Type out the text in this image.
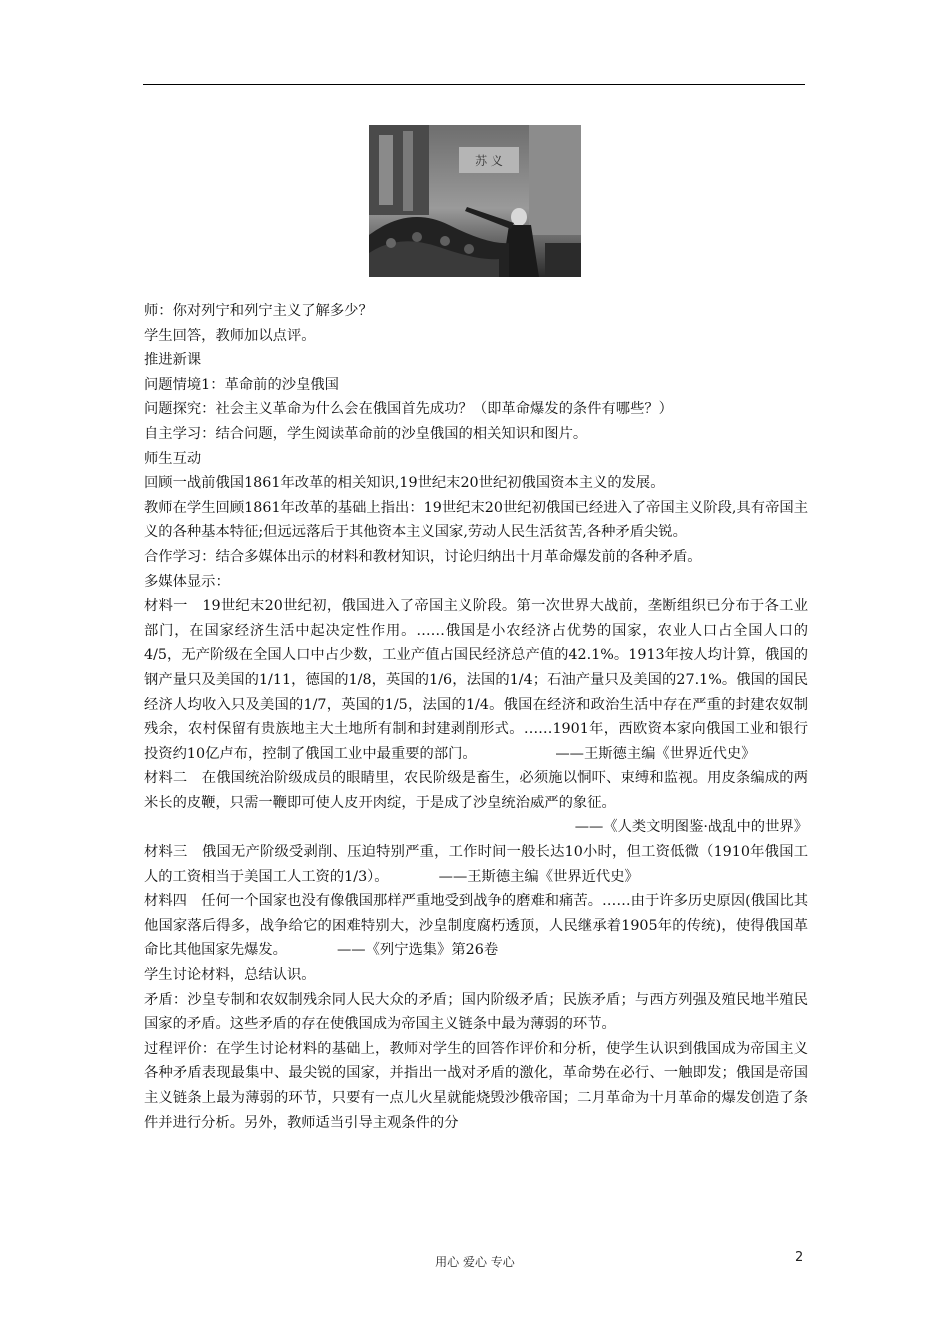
苏 义

师：你对列宁和列宁主义了解多少？

学生回答，教师加以点评。

推进新课

问题情境1：革命前的沙皇俄国

问题探究：社会主义革命为什么会在俄国首先成功？（即革命爆发的条件有哪些？）

自主学习：结合问题，学生阅读革命前的沙皇俄国的相关知识和图片。

师生互动

回顾一战前俄国1861年改革的相关知识,19世纪末20世纪初俄国资本主义的发展。

教师在学生回顾1861年改革的基础上指出：19世纪末20世纪初俄国已经进入了帝国主义阶段,具有帝国主义的各种基本特征;但远远落后于其他资本主义国家,劳动人民生活贫苦,各种矛盾尖锐。

合作学习：结合多媒体出示的材料和教材知识，讨论归纳出十月革命爆发前的各种矛盾。

多媒体显示：

材料一　19世纪末20世纪初，俄国进入了帝国主义阶段。第一次世界大战前，垄断组织已分布于各工业部门，在国家经济生活中起决定性作用。……俄国是小农经济占优势的国家，农业人口占全国人口的4/5，无产阶级在全国人口中占少数，工业产值占国民经济总产值的42.1%。1913年按人均计算，俄国的钢产量只及美国的1/11，德国的1/8，英国的1/6，法国的1/4；石油产量只及美国的27.1%。俄国的国民经济人均收入只及美国的1/7，英国的1/5，法国的1/4。俄国在经济和政治生活中存在严重的封建农奴制残余，农村保留有贵族地主大土地所有制和封建剥削形式。……1901年，西欧资本家向俄国工业和银行投资约10亿卢布，控制了俄国工业中最重要的部门。　　　　　　——王斯德主编《世界近代史》

材料二　在俄国统治阶级成员的眼睛里，农民阶级是畜生，必须施以恫吓、束缚和监视。用皮条编成的两米长的皮鞭，只需一鞭即可使人皮开肉绽，于是成了沙皇统治威严的象征。

——《人类文明图鉴·战乱中的世界》

材料三　俄国无产阶级受剥削、压迫特别严重，工作时间一般长达10小时，但工资低微（1910年俄国工人的工资相当于美国工人工资的1/3）。　　　　——王斯德主编《世界近代史》

材料四　任何一个国家也没有像俄国那样严重地受到战争的磨难和痛苦。……由于许多历史原因(俄国比其他国家落后得多，战争给它的困难特别大，沙皇制度腐朽透顶，人民继承着1905年的传统)，使得俄国革命比其他国家先爆发。　　　　——《列宁选集》第26卷

学生讨论材料，总结认识。

矛盾：沙皇专制和农奴制残余同人民大众的矛盾；国内阶级矛盾；民族矛盾；与西方列强及殖民地半殖民国家的矛盾。这些矛盾的存在使俄国成为帝国主义链条中最为薄弱的环节。

过程评价：在学生讨论材料的基础上，教师对学生的回答作评价和分析，使学生认识到俄国成为帝国主义各种矛盾表现最集中、最尖锐的国家，并指出一战对矛盾的激化，革命势在必行、一触即发；俄国是帝国主义链条上最为薄弱的环节，只要有一点儿火星就能烧毁沙俄帝国；二月革命为十月革命的爆发创造了条件并进行分析。另外，教师适当引导主观条件的分

用心 爱心 专心	2
